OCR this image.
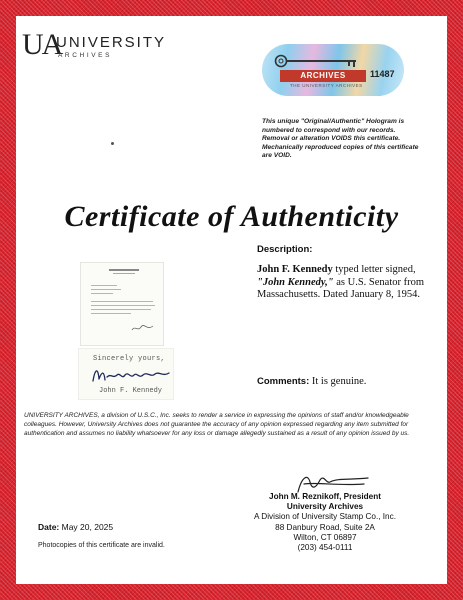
UA
UNIVERSITY
ARCHIVES
ARCHIVES
THE UNIVERSITY ARCHIVES
11487
This unique "Original/Authentic" Hologram is numbered to correspond with our records. Removal or alteration VOIDS this certificate. Mechanically reproduced copies of this certificate are VOID.
Certificate of Authenticity
Description:
John F. Kennedy typed letter signed, "John Kennedy," as U.S. Senator from Massachusetts. Dated January 8, 1954.
Sincerely yours,
John F. Kennedy
Comments: It is genuine.
UNIVERSITY ARCHIVES, a division of U.S.C., Inc. seeks to render a service in expressing the opinions of staff and/or knowledgeable colleagues. However, University Archives does not guarantee the accuracy of any opinion expressed regarding any item submitted for authentication and assumes no liability whatsoever for any loss or damage allegedly sustained as a result of any opinion issued by us.
John M. Reznikoff, President
University Archives
A Division of University Stamp Co., Inc.
88 Danbury Road, Suite 2A
Wilton, CT 06897
(203) 454-0111
Date: May 20, 2025
Photocopies of this certificate are invalid.
